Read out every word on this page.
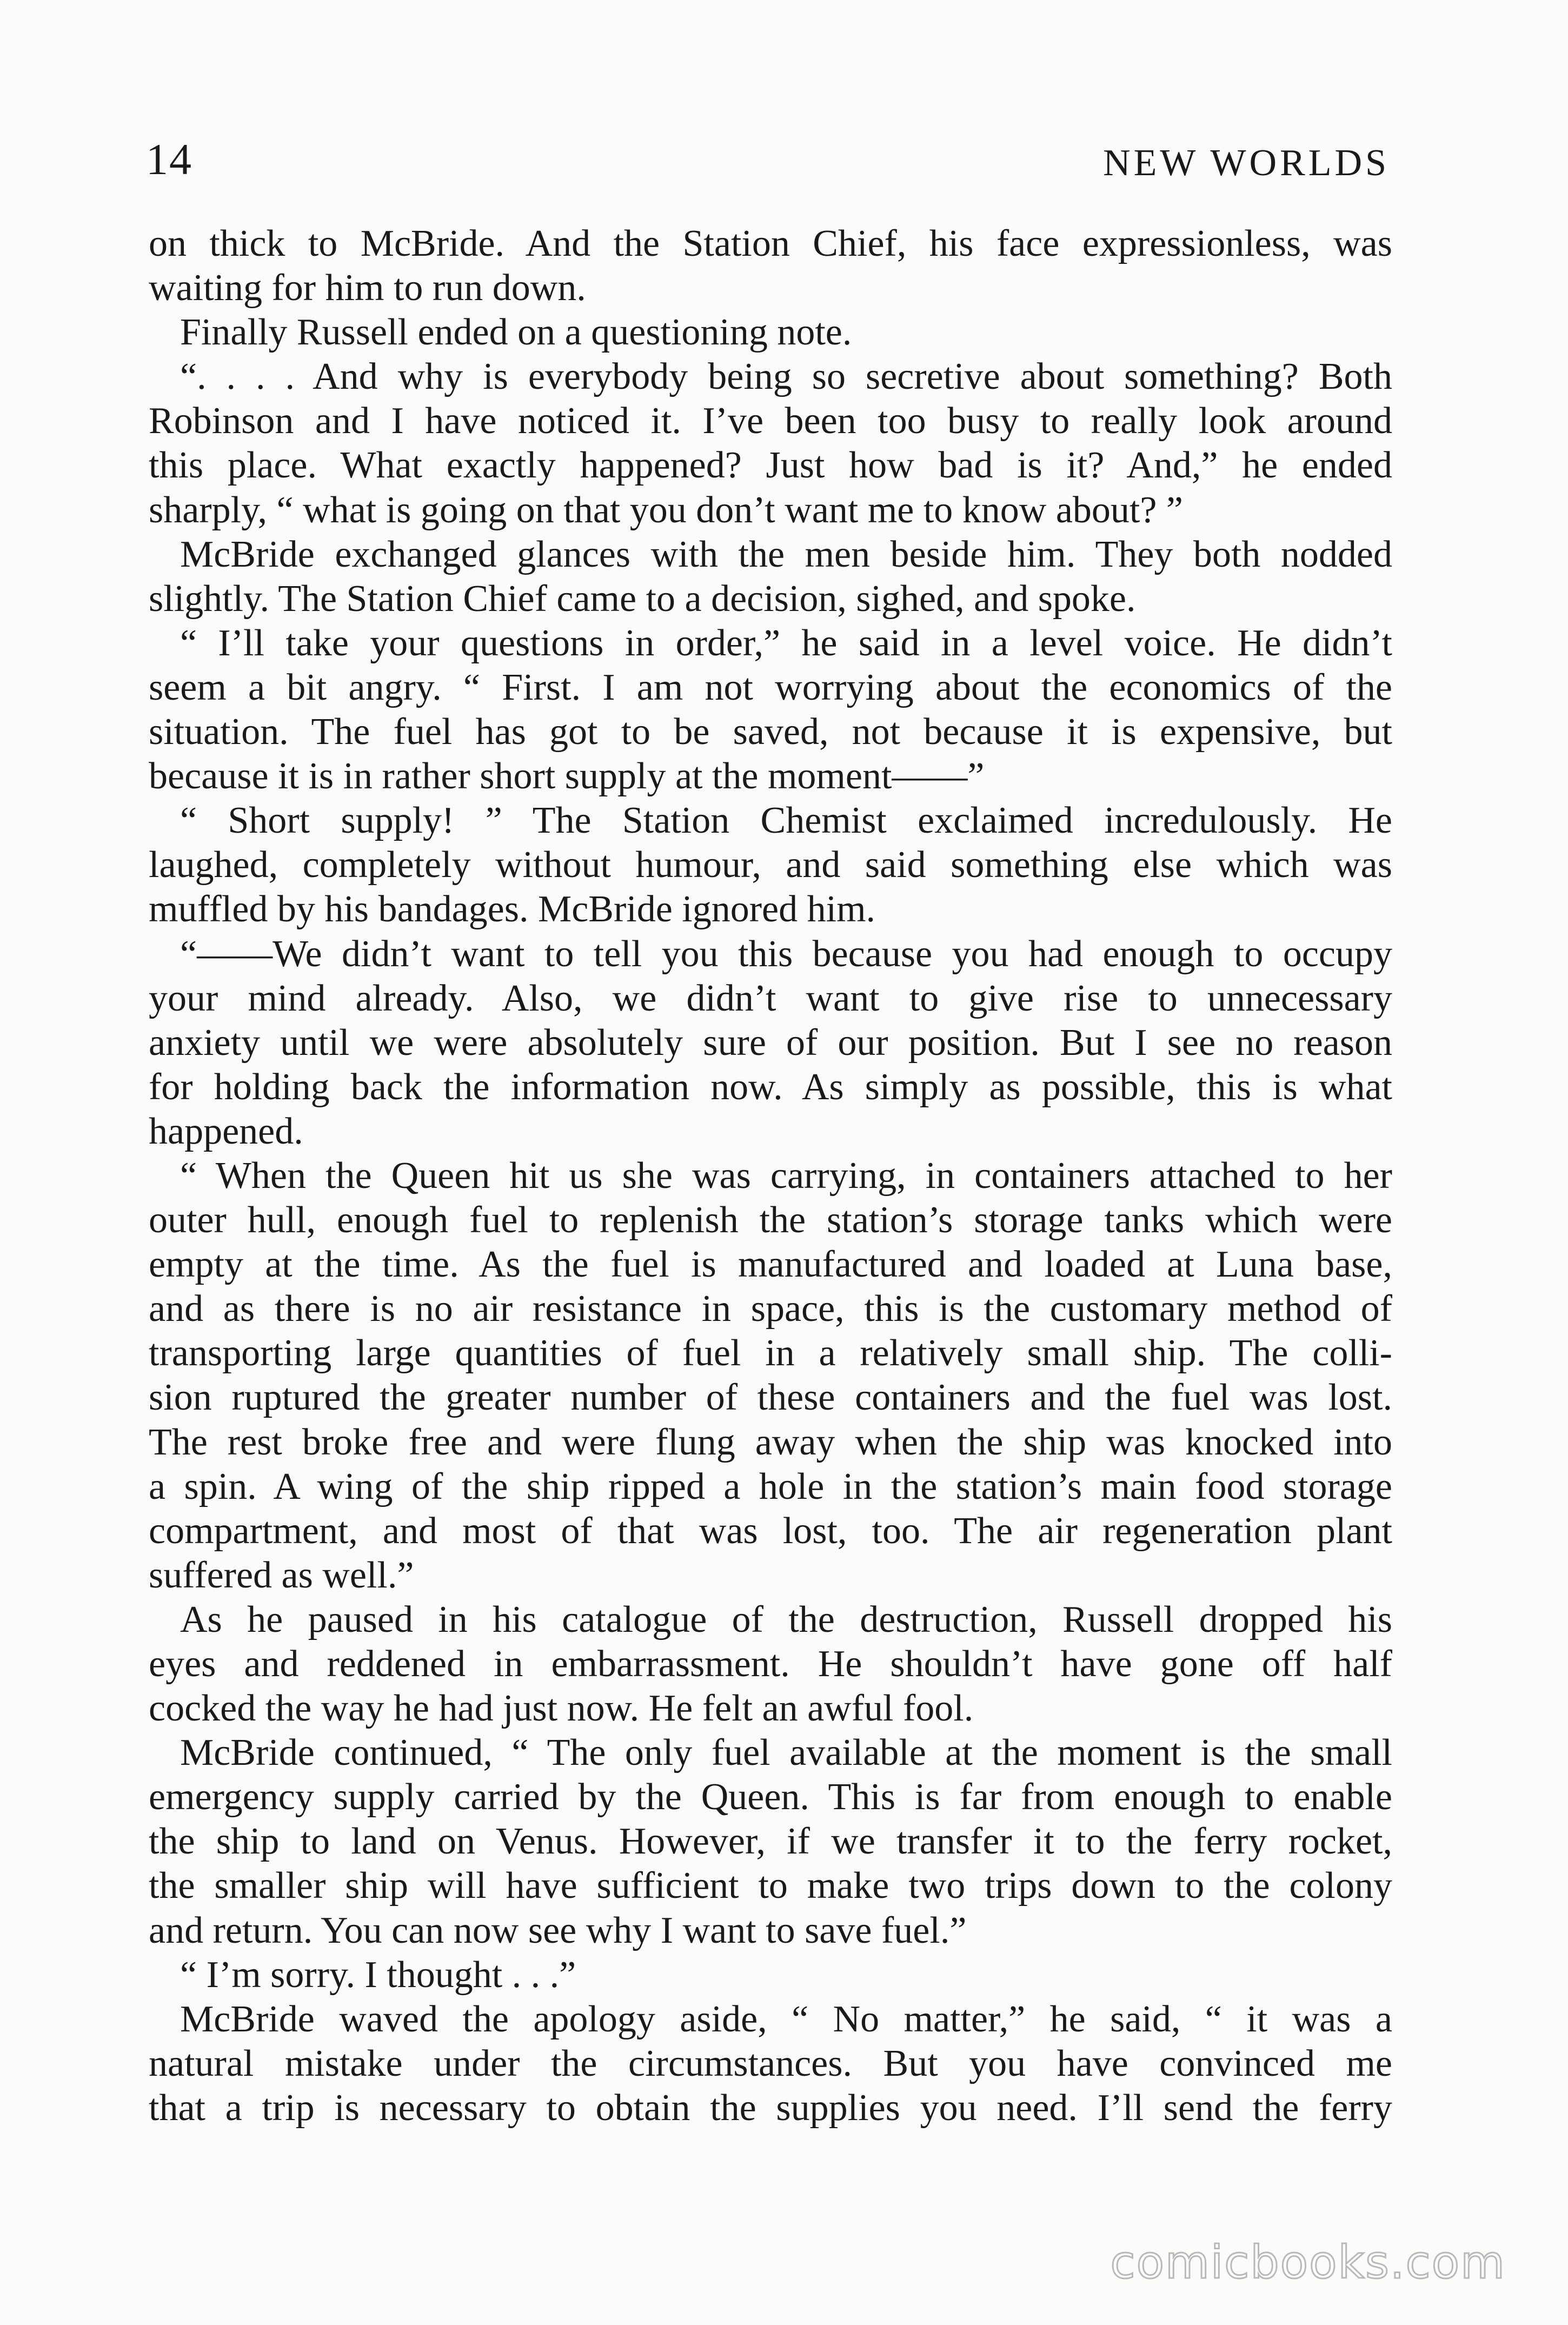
14	NEW WORLDS
on thick to McBride. And the Station Chief, his face expressionless, was
waiting for him to run down.
Finally Russell ended on a questioning note.
“. . . . And why is everybody being so secretive about something? Both
Robinson and I have noticed it. I’ve been too busy to really look around
this place. What exactly happened? Just how bad is it? And,” he ended
sharply, “ what is going on that you don’t want me to know about? ”
McBride exchanged glances with the men beside him. They both nodded
slightly. The Station Chief came to a decision, sighed, and spoke.
“ I’ll take your questions in order,” he said in a level voice. He didn’t
seem a bit angry. “ First. I am not worrying about the economics of the
situation. The fuel has got to be saved, not because it is expensive, but
because it is in rather short supply at the moment——”
“ Short supply! ” The Station Chemist exclaimed incredulously. He
laughed, completely without humour, and said something else which was
muffled by his bandages. McBride ignored him.
“——We didn’t want to tell you this because you had enough to occupy
your mind already. Also, we didn’t want to give rise to unnecessary
anxiety until we were absolutely sure of our position. But I see no reason
for holding back the information now. As simply as possible, this is what
happened.
“ When the Queen hit us she was carrying, in containers attached to her
outer hull, enough fuel to replenish the station’s storage tanks which were
empty at the time. As the fuel is manufactured and loaded at Luna base,
and as there is no air resistance in space, this is the customary method of
transporting large quantities of fuel in a relatively small ship. The colli-
sion ruptured the greater number of these containers and the fuel was lost.
The rest broke free and were flung away when the ship was knocked into
a spin. A wing of the ship ripped a hole in the station’s main food storage
compartment, and most of that was lost, too. The air regeneration plant
suffered as well.”
As he paused in his catalogue of the destruction, Russell dropped his
eyes and reddened in embarrassment. He shouldn’t have gone off half
cocked the way he had just now. He felt an awful fool.
McBride continued, “ The only fuel available at the moment is the small
emergency supply carried by the Queen. This is far from enough to enable
the ship to land on Venus. However, if we transfer it to the ferry rocket,
the smaller ship will have sufficient to make two trips down to the colony
and return. You can now see why I want to save fuel.”
“ I’m sorry. I thought . . .”
McBride waved the apology aside, “ No matter,” he said, “ it was a
natural mistake under the circumstances. But you have convinced me
that a trip is necessary to obtain the supplies you need. I’ll send the ferry
comicbooks.com
